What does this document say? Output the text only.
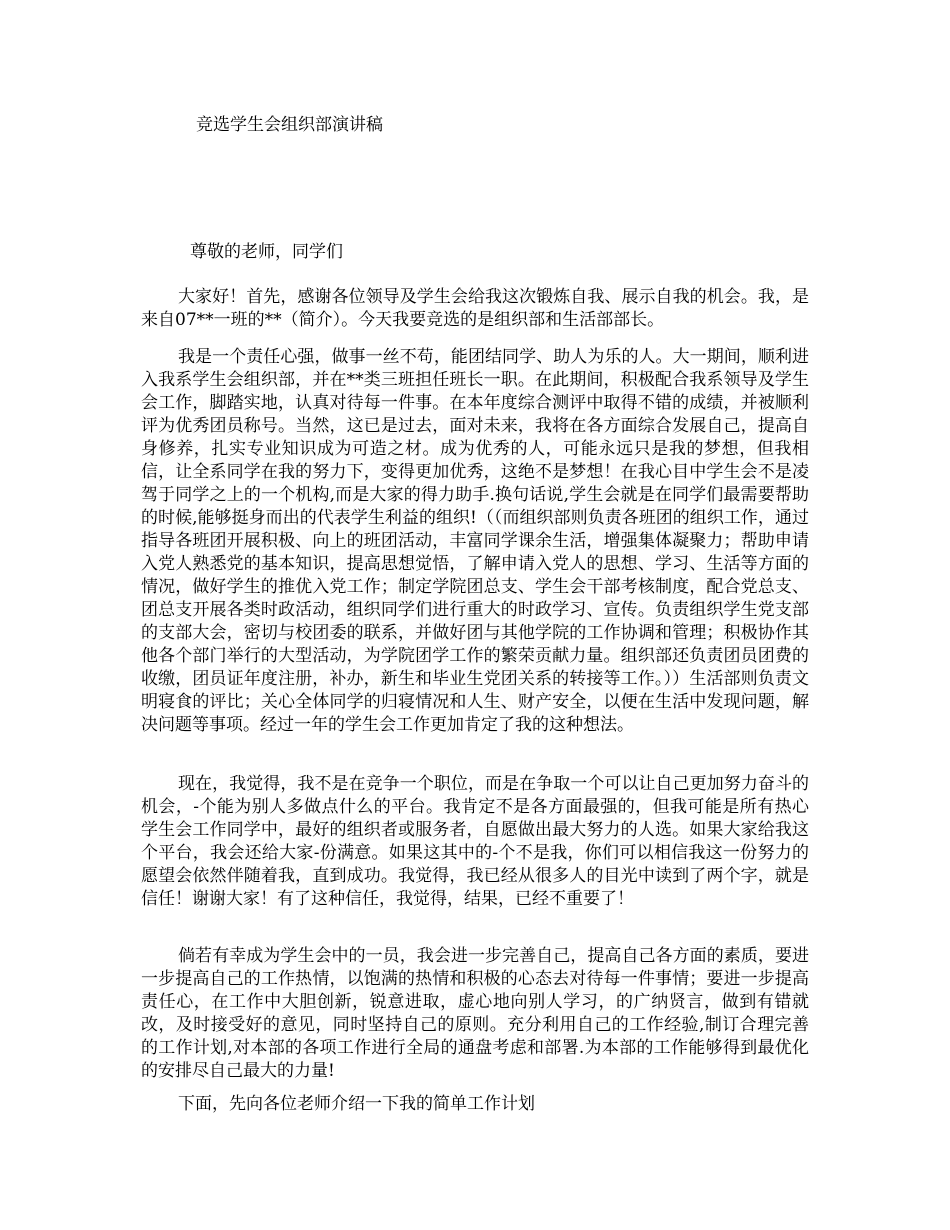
竞选学生会组织部演讲稿
尊敬的老师，同学们

大家好！首先，感谢各位领导及学生会给我这次锻炼自我、展示自我的机会。我，是来自07**一班的**（简介）。今天我要竞选的是组织部和生活部部长。

我是一个责任心强，做事一丝不苟，能团结同学、助人为乐的人。大一期间，顺利进入我系学生会组织部，并在**类三班担任班长一职。在此期间，积极配合我系领导及学生会工作，脚踏实地，认真对待每一件事。在本年度综合测评中取得不错的成绩，并被顺利评为优秀团员称号。当然，这已是过去，面对未来，我将在各方面综合发展自己，提高自身修养，扎实专业知识成为可造之材。成为优秀的人，可能永远只是我的梦想，但我相信，让全系同学在我的努力下，变得更加优秀，这绝不是梦想！在我心目中学生会不是凌驾于同学之上的一个机构,而是大家的得力助手.换句话说,学生会就是在同学们最需要帮助的时候,能够挺身而出的代表学生利益的组织!（（而组织部则负责各班团的组织工作，通过指导各班团开展积极、向上的班团活动，丰富同学课余生活，增强集体凝聚力；帮助申请入党人熟悉党的基本知识，提高思想觉悟，了解申请入党人的思想、学习、生活等方面的情况，做好学生的推优入党工作；制定学院团总支、学生会干部考核制度，配合党总支、团总支开展各类时政活动，组织同学们进行重大的时政学习、宣传。负责组织学生党支部的支部大会，密切与校团委的联系，并做好团与其他学院的工作协调和管理；积极协作其他各个部门举行的大型活动，为学院团学工作的繁荣贡献力量。组织部还负责团员团费的收缴，团员证年度注册，补办，新生和毕业生党团关系的转接等工作。））生活部则负责文明寝食的评比；关心全体同学的归寝情况和人生、财产安全，以便在生活中发现问题，解决问题等事项。经过一年的学生会工作更加肯定了我的这种想法。

现在，我觉得，我不是在竞争一个职位，而是在争取一个可以让自己更加努力奋斗的机会，-个能为别人多做点什么的平台。我肯定不是各方面最强的，但我可能是所有热心学生会工作同学中，最好的组织者或服务者，自愿做出最大努力的人选。如果大家给我这个平台，我会还给大家-份满意。如果这其中的-个不是我，你们可以相信我这一份努力的愿望会依然伴随着我，直到成功。我觉得，我已经从很多人的目光中读到了两个字，就是信任！谢谢大家！有了这种信任，我觉得，结果，已经不重要了！

倘若有幸成为学生会中的一员，我会进一步完善自己，提高自己各方面的素质，要进一步提高自己的工作热情，以饱满的热情和积极的心态去对待每一件事情；要进一步提高责任心，在工作中大胆创新，锐意进取，虚心地向别人学习，的广纳贤言，做到有错就改，及时接受好的意见，同时坚持自己的原则。充分利用自己的工作经验,制订合理完善的工作计划,对本部的各项工作进行全局的通盘考虑和部署.为本部的工作能够得到最优化的安排尽自己最大的力量!

下面，先向各位老师介绍一下我的简单工作计划
